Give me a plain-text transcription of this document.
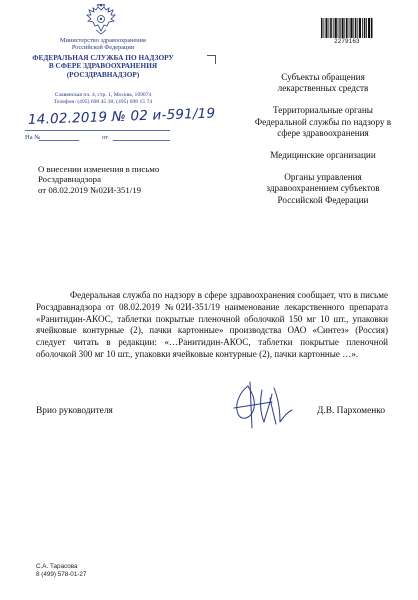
Министерство здравоохранения
Российской Федерации
ФЕДЕРАЛЬНАЯ СЛУЖБА ПО НАДЗОРУ
В СФЕРЕ ЗДРАВООХРАНЕНИЯ
(РОСЗДРАВНАДЗОР)
Славянская пл. 4, стр. 1, Москва, 109074
Телефон: (495) 698 45 38; (495) 698 15 74
14.02.2019 № 02 и-591/19
На №	от
О внесении изменения в письмо
Росздравнадзора
от 08.02.2019 №02И-351/19
2279163
Субъекты обращения
лекарственных средств
Территориальные органы
Федеральной службы по надзору в
сфере здравоохранения
Медицинские организации
Органы управления
здравоохранением субъектов
Российской Федерации
Федеральная служба по надзору в сфере здравоохранения сообщает, что в письме Росздравнадзора от 08.02.2019 №02И-351/19 наименование лекарственного препарата «Ранитидин-АКОС, таблетки покрытые пленочной оболочкой 150 мг 10 шт., упаковки ячейковые контурные (2), пачки картонные» производства ОАО «Синтез» (Россия) следует читать в редакции: «…Ранитидин-АКОС, таблетки покрытые пленочной оболочкой 300 мг 10 шт., упаковки ячейковые контурные (2), пачки картонные …».
Врио руководителя	Д.В. Пархоменко
С.А. Тарасова
8 (499) 578-01-27
